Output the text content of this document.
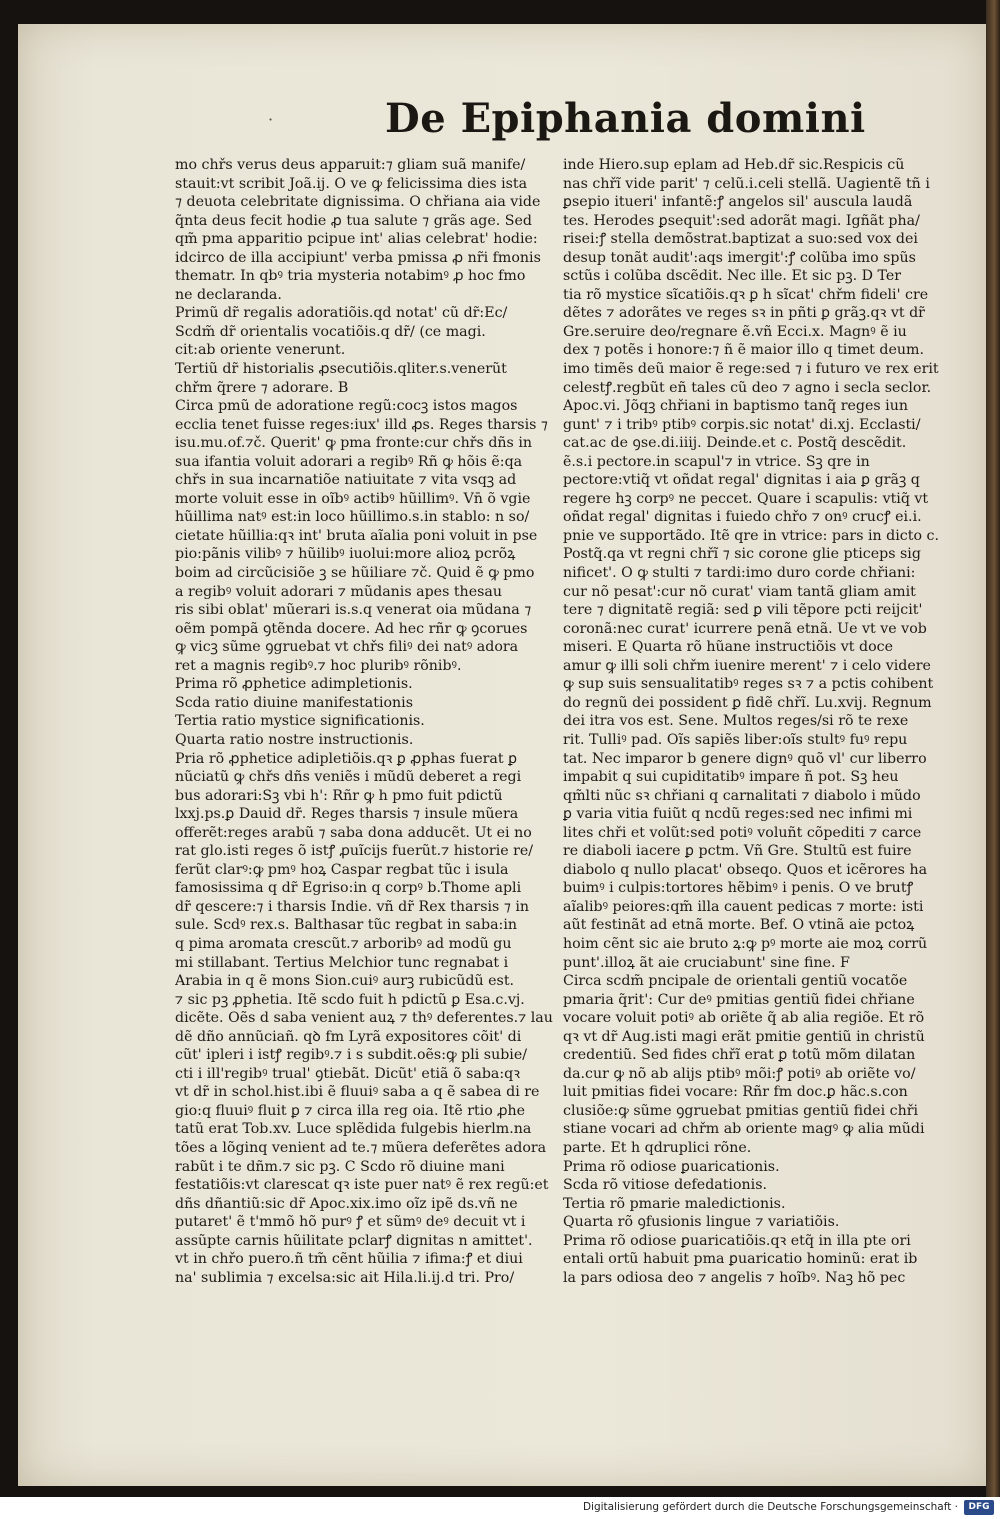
·	De Epiphania domini
mo chřs verus deus apparuit:⁊ gliam suã manife/
stauit:vt scribit Joã.ij. O ve ꝙ felicissima dies ista
⁊ deuota celebritate dignissima. O chřiana aia vide
q̃nta deus fecit hodie ꝓ tua salute ⁊ grãs age. Sed
qm̃ pma apparitio pcipue int' alias celebrat' hodie:
idcirco de illa accipiunt' verba pmissa ꝓ nr̃i fmonis
thematr. In qbꝰ tria mysteria notabimꝰ ꝓ hoc fmo
ne declaranda.
Primũ dr̃ regalis adoratiõis.qd notat' cũ dr̃:Ec/
Scdm̃ dr̃ orientalis vocatiõis.q dr̃/ (ce magi.
cit:ab oriente venerunt.
Tertiũ dr̃ historialis ꝓsecutiõis.qliter.s.venerũt
chřm q̃rere ⁊ adorare. B
Circa pmũ de adoratione regũ:cocꝫ istos magos
ecclia tenet fuisse reges:iux' illd ꝓs. Reges tharsis ⁊
isu.mu.of.⁊č. Querit' ꝙ pma fronte:cur chřs dñs in
sua ifantia voluit adorari a regibꝰ Rñ ꝙ hõis ẽ:qa
chřs in sua incarnatiõe natiuitate ⁊ vita vsqꝫ ad
morte voluit esse in oĩbꝰ actibꝰ hũillimꝰ. Vn̄ õ vgie
hũillima natꝰ est:in loco hũillimo.s.in stablo: n so/
cietate hũillia:qꝛ int' bruta aĩalia poni voluit in pse
pio:pãnis vilibꝰ ⁊ hũilibꝰ iuolui:more alioꝝ pcrõꝝ
boim ad circũcisiõe ꝫ se hũiliare ⁊č. Quid ẽ ꝙ pmo
a regibꝰ voluit adorari ⁊ mũdanis apes thesau
ris sibi oblat' mũerari is.s.q venerat oia mũdana ⁊
oẽm pompã ꝯtẽnda docere. Ad hec rñr ꝙ ꝯcorues
ꝙ vicꝫ sũme ꝯgruebat vt chřs filiꝰ dei natꝰ adora
ret a magnis regibꝰ.⁊ hoc pluribꝰ rõnibꝰ.
Prima rõ ꝓphetice adimpletionis.
Scda ratio diuine manifestationis
Tertia ratio mystice significationis.
Quarta ratio nostre instructionis.
Pria rõ ꝓphetice adipletiõis.qꝛ ꝑ ꝓphas fuerat ꝑ
nũciatũ ꝙ chřs dñs veniẽs i mũdũ deberet a regi
bus adorari:Sꝫ vbi h': Rñr ꝙ h pmo fuit pdictũ
lxxj.ps.ꝑ Dauid dr̃. Reges tharsis ⁊ insule mũera
offerẽt:reges arabũ ⁊ saba dona adducẽt. Ut ei no
rat glo.isti reges õ istꝭ ꝓuĩcijs fuerũt.⁊ historie re/
ferũt clarꝰ:ꝙ pmꝰ hoꝝ Caspar regbat tũc i isula
famosissima q dr̃ Egriso:in q corpꝰ b.Thome apli
dr̃ qescere:⁊ i tharsis Indie. vñ dr̃ Rex tharsis ⁊ in
sule. Scdꝰ rex.s. Balthasar tũc regbat in saba:in
q pima aromata crescũt.⁊ arboribꝰ ad modũ gu
mi stillabant. Tertius Melchior tunc regnabat i
Arabia in q ẽ mons Sion.cuiꝰ aurꝫ rubicũdũ est.
⁊ sic pꝫ ꝓphetia. Itẽ scdo fuit h pdictũ ꝑ Esa.c.vj.
dicẽte. Oẽs d saba venient auꝝ ⁊ thꝰ deferentes.⁊ lau
dẽ dño annũciañ. qꝺ fm Lyrã expositores cõit' di
cũt' ipleri i istꝭ regibꝰ.⁊ i s subdit.oẽs:ꝙ pli subie/
cti i ill'regibꝰ trual' ꝯtiebãt. Dicũt' etiã õ saba:qꝛ
vt dr̃ in schol.hist.ibi ẽ fluuiꝰ saba a q ẽ sabea di re
gio:q fluuiꝰ fluit ꝑ ⁊ circa illa reg oia. Itẽ rtio ꝓhe
tatũ erat Tob.xv. Luce splẽdida fulgebis hierlm.na
tões a lõginq venient ad te.⁊ mũera deferẽtes adora
rabũt i te dñm.⁊ sic pꝫ. C Scdo rõ diuine mani
festatiõis:vt clarescat qꝛ iste puer natꝰ ẽ rex regũ:et
dñs dñantiũ:sic dr̃ Apoc.xix.imo oĩz ipẽ ds.vñ ne
putaret' ẽ t'mmõ hõ purꝰ ꝭ et sũmꝰ deꝰ decuit vt i
assũpte carnis hũilitate pclarꝭ dignitas n amittet'.
vt in chřo puero.ñ tm̃ cẽnt hũilia ⁊ ifima:ꝭ et diui
na' sublimia ⁊ excelsa:sic ait Hila.li.ij.d tri. Pro/
inde Hiero.sup eplam ad Heb.dr̃ sic.Respicis cũ
nas chřĩ vide parit' ⁊ celũ.i.celi stellã. Uagientẽ tñ i
ꝑsepio itueri' infantẽ:ꝭ angelos sil' auscula laudã
tes. Herodes ꝑsequit':sed adorãt magi. Igñãt pha/
risei:ꝭ stella demõstrat.baptizat a suo:sed vox dei
desup tonãt audit':aqs imergit':ꝭ colũba imo spũs
sctũs i colũba dscẽdit. Nec ille. Et sic pꝫ. D Ter
tia rõ mystice sĩcatiõis.qꝛ ꝑ h sĩcat' chřm fideli' cre
dẽtes ⁊ adorãtes ve reges sꝛ in pñti ꝑ grãꝫ.qꝛ vt dr̃
Gre.seruire deo/regnare ẽ.vñ Ecci.x. Magnꝰ ẽ iu
dex ⁊ potẽs i honore:⁊ ñ ẽ maior illo q timet deum.
imo timẽs deũ maior ẽ rege:sed ⁊ i futuro ve rex erit
celestꝭ.regbũt eñ tales cũ deo ⁊ agno i secla seclor.
Apoc.vi. Jõqꝫ chřiani in baptismo tanq̃ reges iun
gunt' ⁊ i tribꝰ ptibꝰ corpis.sic notat' di.xj. Ecclasti/
cat.ac de ꝯse.di.iiij. Deinde.et c. Postq̃ descẽdit.
ẽ.s.i pectore.in scapul'⁊ in vtrice. Sꝫ qre in
pectore:vtiq̃ vt oñdat regal' dignitas i aia ꝑ grãꝫ q
regere hꝫ corpꝰ ne peccet. Quare i scapulis: vtiq̃ vt
oñdat regal' dignitas i fuiedo chřo ⁊ onꝰ crucꝭ ei.i.
pnie ve supportãdo. Itẽ qre in vtrice: pars in dicto c.
Postq̃.qa vt regni chřĩ ⁊ sic corone glie pticeps sig
nificet'. O ꝙ stulti ⁊ tardi:imo duro corde chřiani:
cur nõ pesat':cur nõ curat' viam tantã gliam amit
tere ⁊ dignitatẽ regiã: sed ꝑ vili tẽpore pcti reijcit'
coronã:nec curat' icurrere penã etnã. Ue vt ve vob
miseri. E Quarta rõ hũane instructiõis vt doce
amur ꝙ illi soli chřm iuenire merent' ⁊ i celo videre
ꝙ sup suis sensualitatibꝰ reges sꝛ ⁊ a pctis cohibent
do regnũ dei possident ꝑ fidẽ chřĩ. Lu.xvij. Regnum
dei itra vos est. Sene. Multos reges/si rõ te rexe
rit. Tulliꝰ pad. Oĩs sapiẽs liber:oĩs stultꝰ fuꝰ repu
tat. Nec imparor b genere dignꝰ quõ vl' cur liberro
impabit q sui cupiditatibꝰ impare ñ pot. Sꝫ heu
qm̃lti nũc sꝛ chřiani q carnalitati ⁊ diabolo i mũdo
ꝑ varia vitia fuiũt q ncdũ reges:sed nec infimi mi
lites chři et volũt:sed potiꝰ voluñt cõpediti ⁊ carce
re diaboli iacere ꝑ pctm. Vñ Gre. Stultũ est fuire
diabolo q nullo placat' obseqo. Quos et icẽrores ha
buimꝰ i culpis:tortores hẽbimꝰ i penis. O ve brutꝭ
aĩalibꝰ peiores:qm̃ illa cauent pedicas ⁊ morte: isti
aũt festinãt ad etnã morte. Bef. O vtinã aie pctoꝝ
hoim cẽnt sic aie bruto ꝝ:ꝙ pꝰ morte aie moꝝ corrũ
punt'.illoꝝ ãt aie cruciabunt' sine fine. F
Circa scdm̃ pncipale de orientali gentiũ vocatõe
pmaria q̃rit': Cur deꝰ pmitias gentiũ fidei chřiane
vocare voluit potiꝰ ab oriẽte q̃ ab alia regiõe. Et rõ
qꝛ vt dr̃ Aug.isti magi erãt pmitie gentiũ in christũ
credentiũ. Sed fides chřĩ erat ꝑ totũ mõm dilatan
da.cur ꝙ nõ ab alijs ptibꝰ mõi:ꝭ potiꝰ ab oriẽte vo/
luit pmitias fidei vocare: Rñr fm doc.ꝑ hãc.s.con
clusiõe:ꝙ sũme ꝯgruebat pmitias gentiũ fidei chři
stiane vocari ad chřm ab oriente magꝰ ꝙ alia mũdi
parte. Et h qdruplici rõne.
Prima rõ odiose ꝑuaricationis.
Scda rõ vitiose defedationis.
Tertia rõ pmarie maledictionis.
Quarta rõ ꝯfusionis lingue ⁊ variatiõis.
Prima rõ odiose ꝑuaricatiõis.qꝛ etq̃ in illa pte ori
entali ortũ habuit pma ꝑuaricatio hominũ: erat ib
la pars odiosa deo ⁊ angelis ⁊ hoĩbꝰ. Naꝫ hõ pec
Digitalisierung gefördert durch die Deutsche Forschungsgemeinschaft ·	DFG
